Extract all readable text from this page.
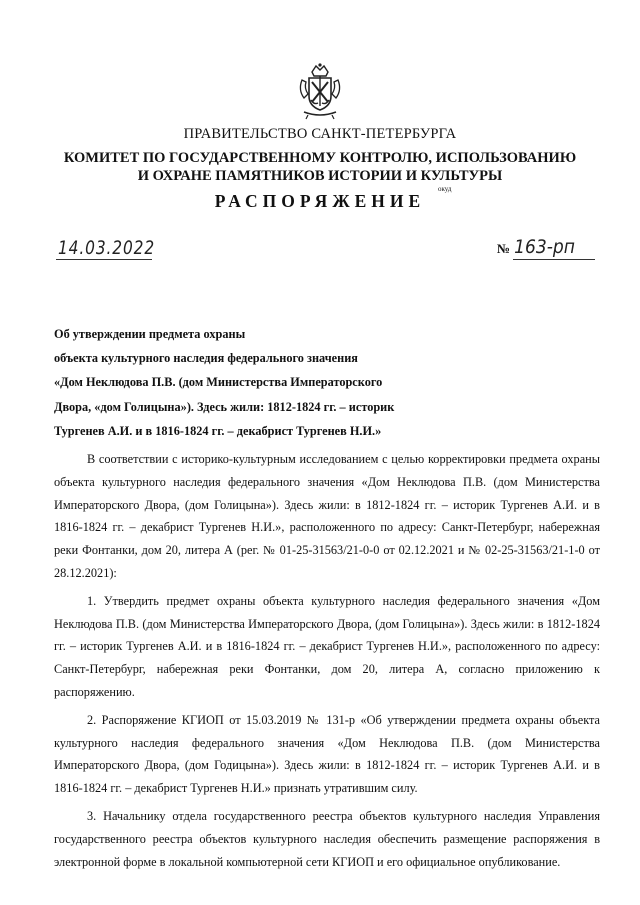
ПРАВИТЕЛЬСТВО САНКТ-ПЕТЕРБУРГА
КОМИТЕТ ПО ГОСУДАРСТВЕННОМУ КОНТРОЛЮ, ИСПОЛЬЗОВАНИЮ
И ОХРАНЕ ПАМЯТНИКОВ ИСТОРИИ И КУЛЬТУРЫ
окуд
РАСПОРЯЖЕНИЕ
14.03.2022	№ 163-рп
Об утверждении предмета охраны
объекта культурного наследия федерального значения
«Дом Неклюдова П.В. (дом Министерства Императорского
Двора, «дом Голицына»). Здесь жили: 1812-1824 гг. – историк
Тургенев А.И. и в 1816-1824 гг. – декабрист Тургенев Н.И.»

В соответствии с историко-культурным исследованием с целью корректировки предмета охраны объекта культурного наследия федерального значения «Дом Неклюдова П.В. (дом Министерства Императорского Двора, (дом Голицына»). Здесь жили: в 1812-1824 гг. – историк Тургенев А.И. и в 1816-1824 гг. – декабрист Тургенев Н.И.», расположенного по адресу: Санкт-Петербург, набережная реки Фонтанки, дом 20, литера А (рег. № 01-25-31563/21-0-0 от 02.12.2021 и № 02-25-31563/21-1-0 от 28.12.2021):

1. Утвердить предмет охраны объекта культурного наследия федерального значения «Дом Неклюдова П.В. (дом Министерства Императорского Двора, (дом Голицына»). Здесь жили: в 1812-1824 гг. – историк Тургенев А.И. и в 1816-1824 гг. – декабрист Тургенев Н.И.», расположенного по адресу: Санкт-Петербург, набережная реки Фонтанки, дом 20, литера А, согласно приложению к распоряжению.

2. Распоряжение КГИОП от 15.03.2019 № 131-р «Об утверждении предмета охраны объекта культурного наследия федерального значения «Дом Неклюдова П.В. (дом Министерства Императорского Двора, (дом Годицына»). Здесь жили: в 1812-1824 гг. – историк Тургенев А.И. и в 1816-1824 гг. – декабрист Тургенев Н.И.» признать утратившим силу.

3. Начальнику отдела государственного реестра объектов культурного наследия Управления государственного реестра объектов культурного наследия обеспечить размещение распоряжения в электронной форме в локальной компьютерной сети КГИОП и его официальное опубликование.
